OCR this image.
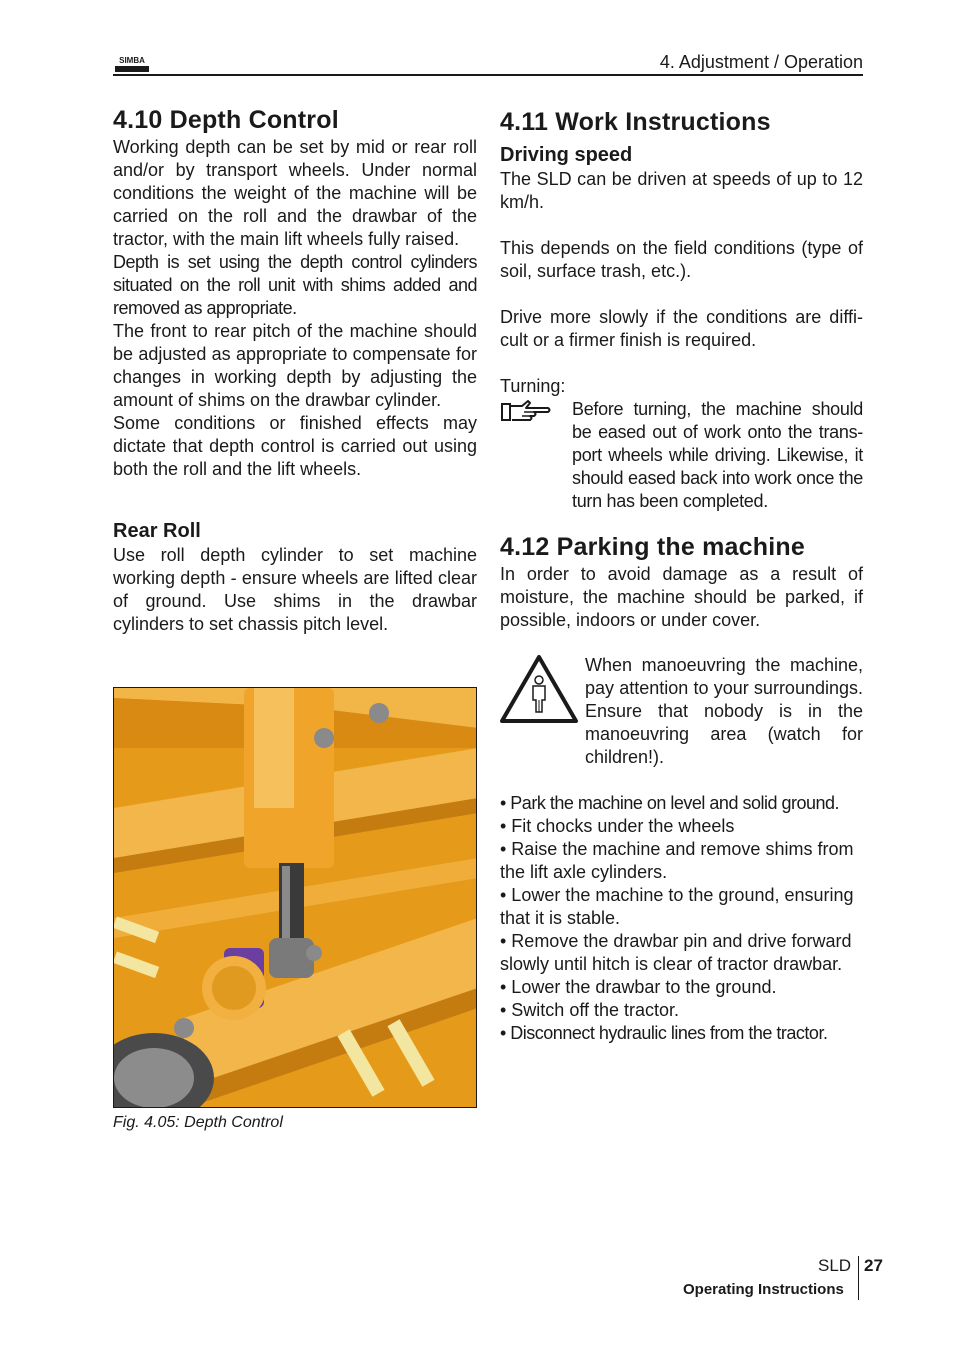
SIMBA	4. Adjustment / Operation
4.10 Depth Control

Working depth can be set by mid or rear roll and/or by transport wheels. Under normal conditions the weight of the machine will be carried on the roll and the drawbar of the tractor, with the main lift wheels fully raised.

Depth is set using the depth control cylinders situated on the roll unit with shims added and removed as appropriate.

The front to rear pitch of the machine should be adjusted as appropriate to compensate for changes in working depth by adjusting the amount of shims on the drawbar cylinder.

Some conditions or finished effects may dictate that depth control is carried out using both the roll and the lift wheels.

Rear Roll

Use roll depth cylinder to set machine working depth - ensure wheels are lifted clear of ground. Use shims in the drawbar cylinders to set chassis pitch level.

Fig. 4.05: Depth Control
4.11 Work Instructions
Driving speed

The SLD can be driven at speeds of up to 12 km/h.

This depends on the field conditions (type of soil, surface trash, etc.).

Drive more slowly if the conditions are diffi-cult or a firmer finish is required.

Turning:

Before turning, the machine should be eased out of work onto the trans-port wheels while driving. Likewise, it should eased back into work once the turn has been completed.

4.12 Parking the machine

In order to avoid damage as a result of moisture, the machine should be parked, if possible, indoors or under cover.

When manoeuvring the machine, pay attention to your surroundings. Ensure that nobody is in the manoeuvring area (watch for children!).

• Park the machine on level and solid ground.
• Fit chocks under the wheels
• Raise the machine and remove shims from the lift axle cylinders.
• Lower the machine to the ground, ensuring that it is stable.
• Remove the drawbar pin and drive forward slowly until hitch is clear of tractor drawbar.
• Lower the drawbar to the ground.
• Switch off the tractor.
• Disconnect hydraulic lines from the tractor.
SLD 27
Operating Instructions
